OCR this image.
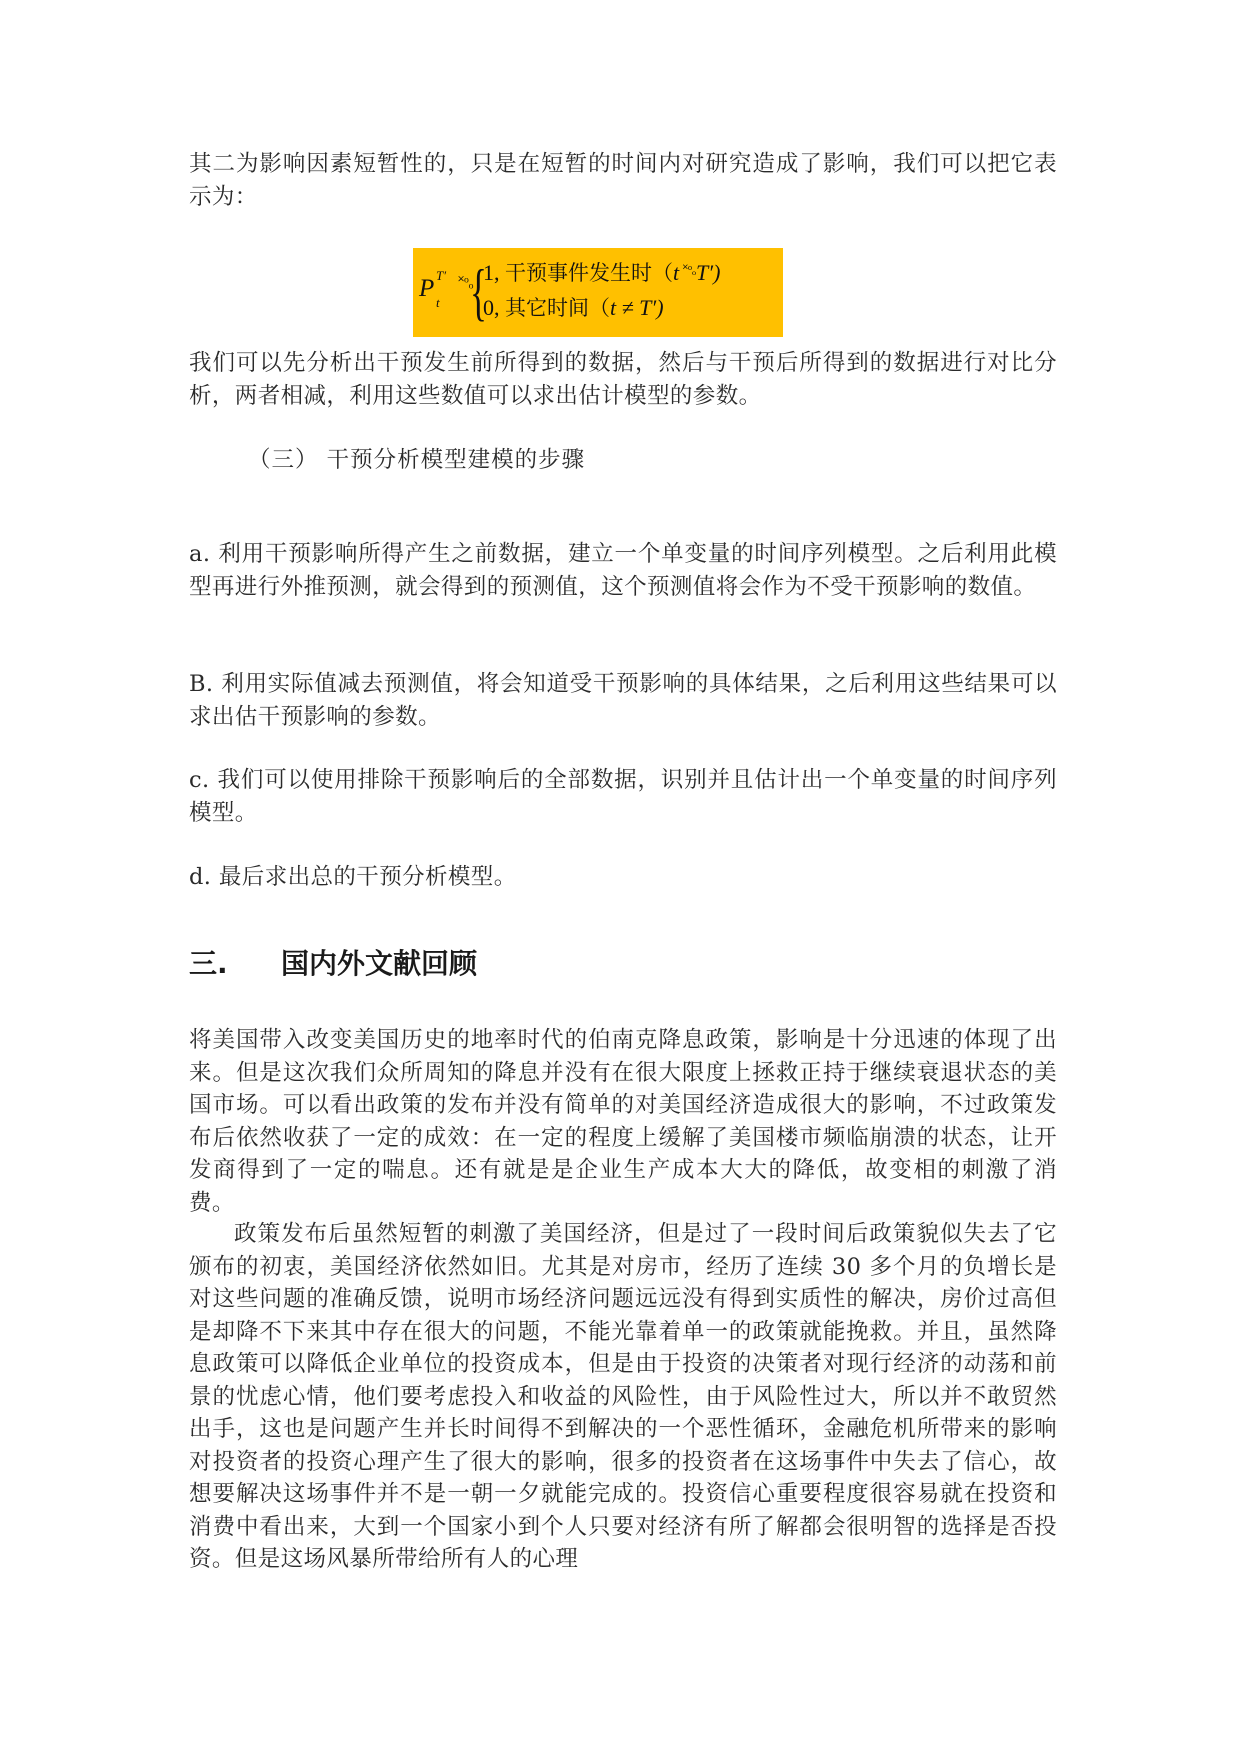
其二为影响因素短暂性的，只是在短暂的时间内对研究造成了影响，我们可以把它表示为：

P T′
t
˟ᵒₒ
{
1, 干预事件发生时（t $^{˟ᵒ_o}$T′)
0, 其它时间（t ≠ T′)

我们可以先分析出干预发生前所得到的数据，然后与干预后所得到的数据进行对比分析，两者相减，利用这些数值可以求出估计模型的参数。

（三） 干预分析模型建模的步骤

a. 利用干预影响所得产生之前数据，建立一个单变量的时间序列模型。之后利用此模型再进行外推预测，就会得到的预测值，这个预测值将会作为不受干预影响的数值。

B. 利用实际值减去预测值，将会知道受干预影响的具体结果，之后利用这些结果可以求出估干预影响的参数。

c. 我们可以使用排除干预影响后的全部数据，识别并且估计出一个单变量的时间序列模型。

d. 最后求出总的干预分析模型。

三. 国内外文献回顾

将美国带入改变美国历史的地率时代的伯南克降息政策，影响是十分迅速的体现了出来。但是这次我们众所周知的降息并没有在很大限度上拯救正持于继续衰退状态的美国市场。可以看出政策的发布并没有简单的对美国经济造成很大的影响，不过政策发布后依然收获了一定的成效：在一定的程度上缓解了美国楼市频临崩溃的状态，让开发商得到了一定的喘息。还有就是是企业生产成本大大的降低，故变相的刺激了消费。

政策发布后虽然短暂的刺激了美国经济，但是过了一段时间后政策貌似失去了它颁布的初衷，美国经济依然如旧。尤其是对房市，经历了连续 30 多个月的负增长是对这些问题的准确反馈，说明市场经济问题远远没有得到实质性的解决，房价过高但是却降不下来其中存在很大的问题，不能光靠着单一的政策就能挽救。并且，虽然降息政策可以降低企业单位的投资成本，但是由于投资的决策者对现行经济的动荡和前景的忧虑心情，他们要考虑投入和收益的风险性，由于风险性过大，所以并不敢贸然出手，这也是问题产生并长时间得不到解决的一个恶性循环，金融危机所带来的影响对投资者的投资心理产生了很大的影响，很多的投资者在这场事件中失去了信心，故想要解决这场事件并不是一朝一夕就能完成的。投资信心重要程度很容易就在投资和消费中看出来，大到一个国家小到个人只要对经济有所了解都会很明智的选择是否投资。但是这场风暴所带给所有人的心理
